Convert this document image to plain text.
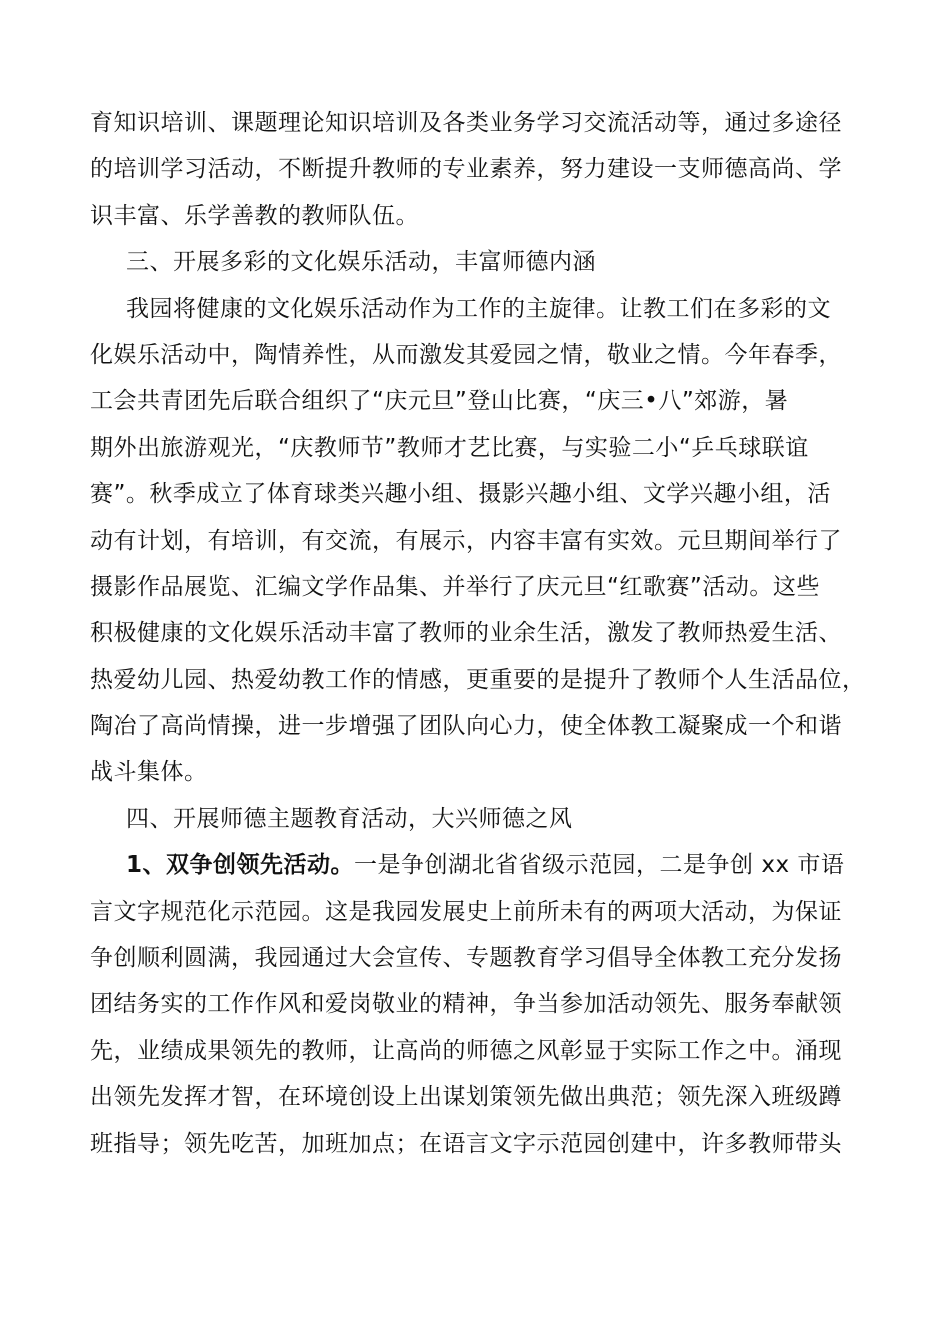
育知识培训、课题理论知识培训及各类业务学习交流活动等，通过多途径
的培训学习活动，不断提升教师的专业素养，努力建设一支师德高尚、学
识丰富、乐学善教的教师队伍。
三、开展多彩的文化娱乐活动，丰富师德内涵
我园将健康的文化娱乐活动作为工作的主旋律。让教工们在多彩的文
化娱乐活动中，陶情养性，从而激发其爱园之情，敬业之情。今年春季，
工会共青团先后联合组织了“庆元旦”登山比赛，“庆三•八”郊游，暑
期外出旅游观光，“庆教师节”教师才艺比赛，与实验二小“乒乓球联谊
赛”。秋季成立了体育球类兴趣小组、摄影兴趣小组、文学兴趣小组，活
动有计划，有培训，有交流，有展示，内容丰富有实效。元旦期间举行了
摄影作品展览、汇编文学作品集、并举行了庆元旦“红歌赛”活动。这些
积极健康的文化娱乐活动丰富了教师的业余生活，激发了教师热爱生活、
热爱幼儿园、热爱幼教工作的情感，更重要的是提升了教师个人生活品位，
陶冶了高尚情操，进一步增强了团队向心力，使全体教工凝聚成一个和谐
战斗集体。
四、开展师德主题教育活动，大兴师德之风
1、双争创领先活动。一是争创湖北省省级示范园，二是争创 xx 市语
言文字规范化示范园。这是我园发展史上前所未有的两项大活动，为保证
争创顺利圆满，我园通过大会宣传、专题教育学习倡导全体教工充分发扬
团结务实的工作作风和爱岗敬业的精神，争当参加活动领先、服务奉献领
先，业绩成果领先的教师，让高尚的师德之风彰显于实际工作之中。涌现
出领先发挥才智，在环境创设上出谋划策领先做出典范；领先深入班级蹲
班指导；领先吃苦，加班加点；在语言文字示范园创建中，许多教师带头
